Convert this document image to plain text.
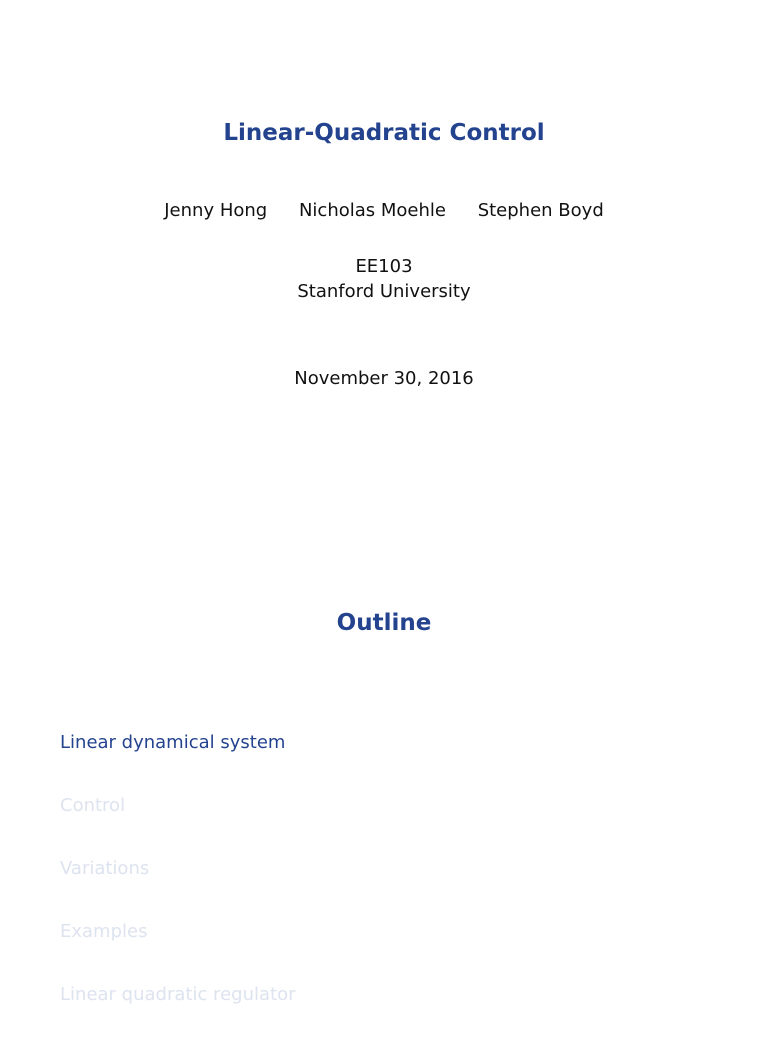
Linear-Quadratic Control
Jenny Hong Nicholas Moehle Stephen Boyd
EE103
Stanford University
November 30, 2016
Outline
Linear dynamical system
Control
Variations
Examples
Linear quadratic regulator
